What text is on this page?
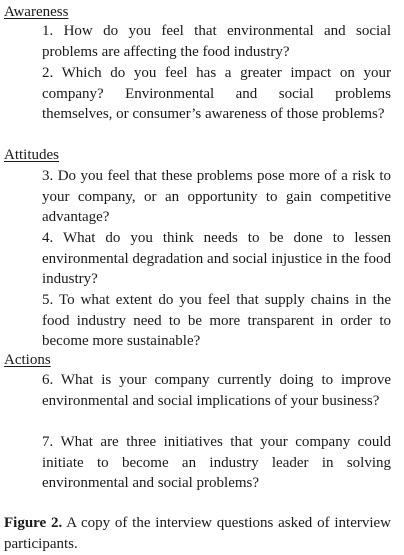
Awareness
1. How do you feel that environmental and social problems are affecting the food industry?
2. Which do you feel has a greater impact on your company? Environmental and social problems themselves, or consumer’s awareness of those problems?
Attitudes
3. Do you feel that these problems pose more of a risk to your company, or an opportunity to gain competitive advantage?
4. What do you think needs to be done to lessen environmental degradation and social injustice in the food industry?
5. To what extent do you feel that supply chains in the food industry need to be more transparent in order to become more sustainable?
Actions
6. What is your company currently doing to improve environmental and social implications of your business?
7. What are three initiatives that your company could initiate to become an industry leader in solving environmental and social problems?
Figure 2. A copy of the interview questions asked of interview participants.
